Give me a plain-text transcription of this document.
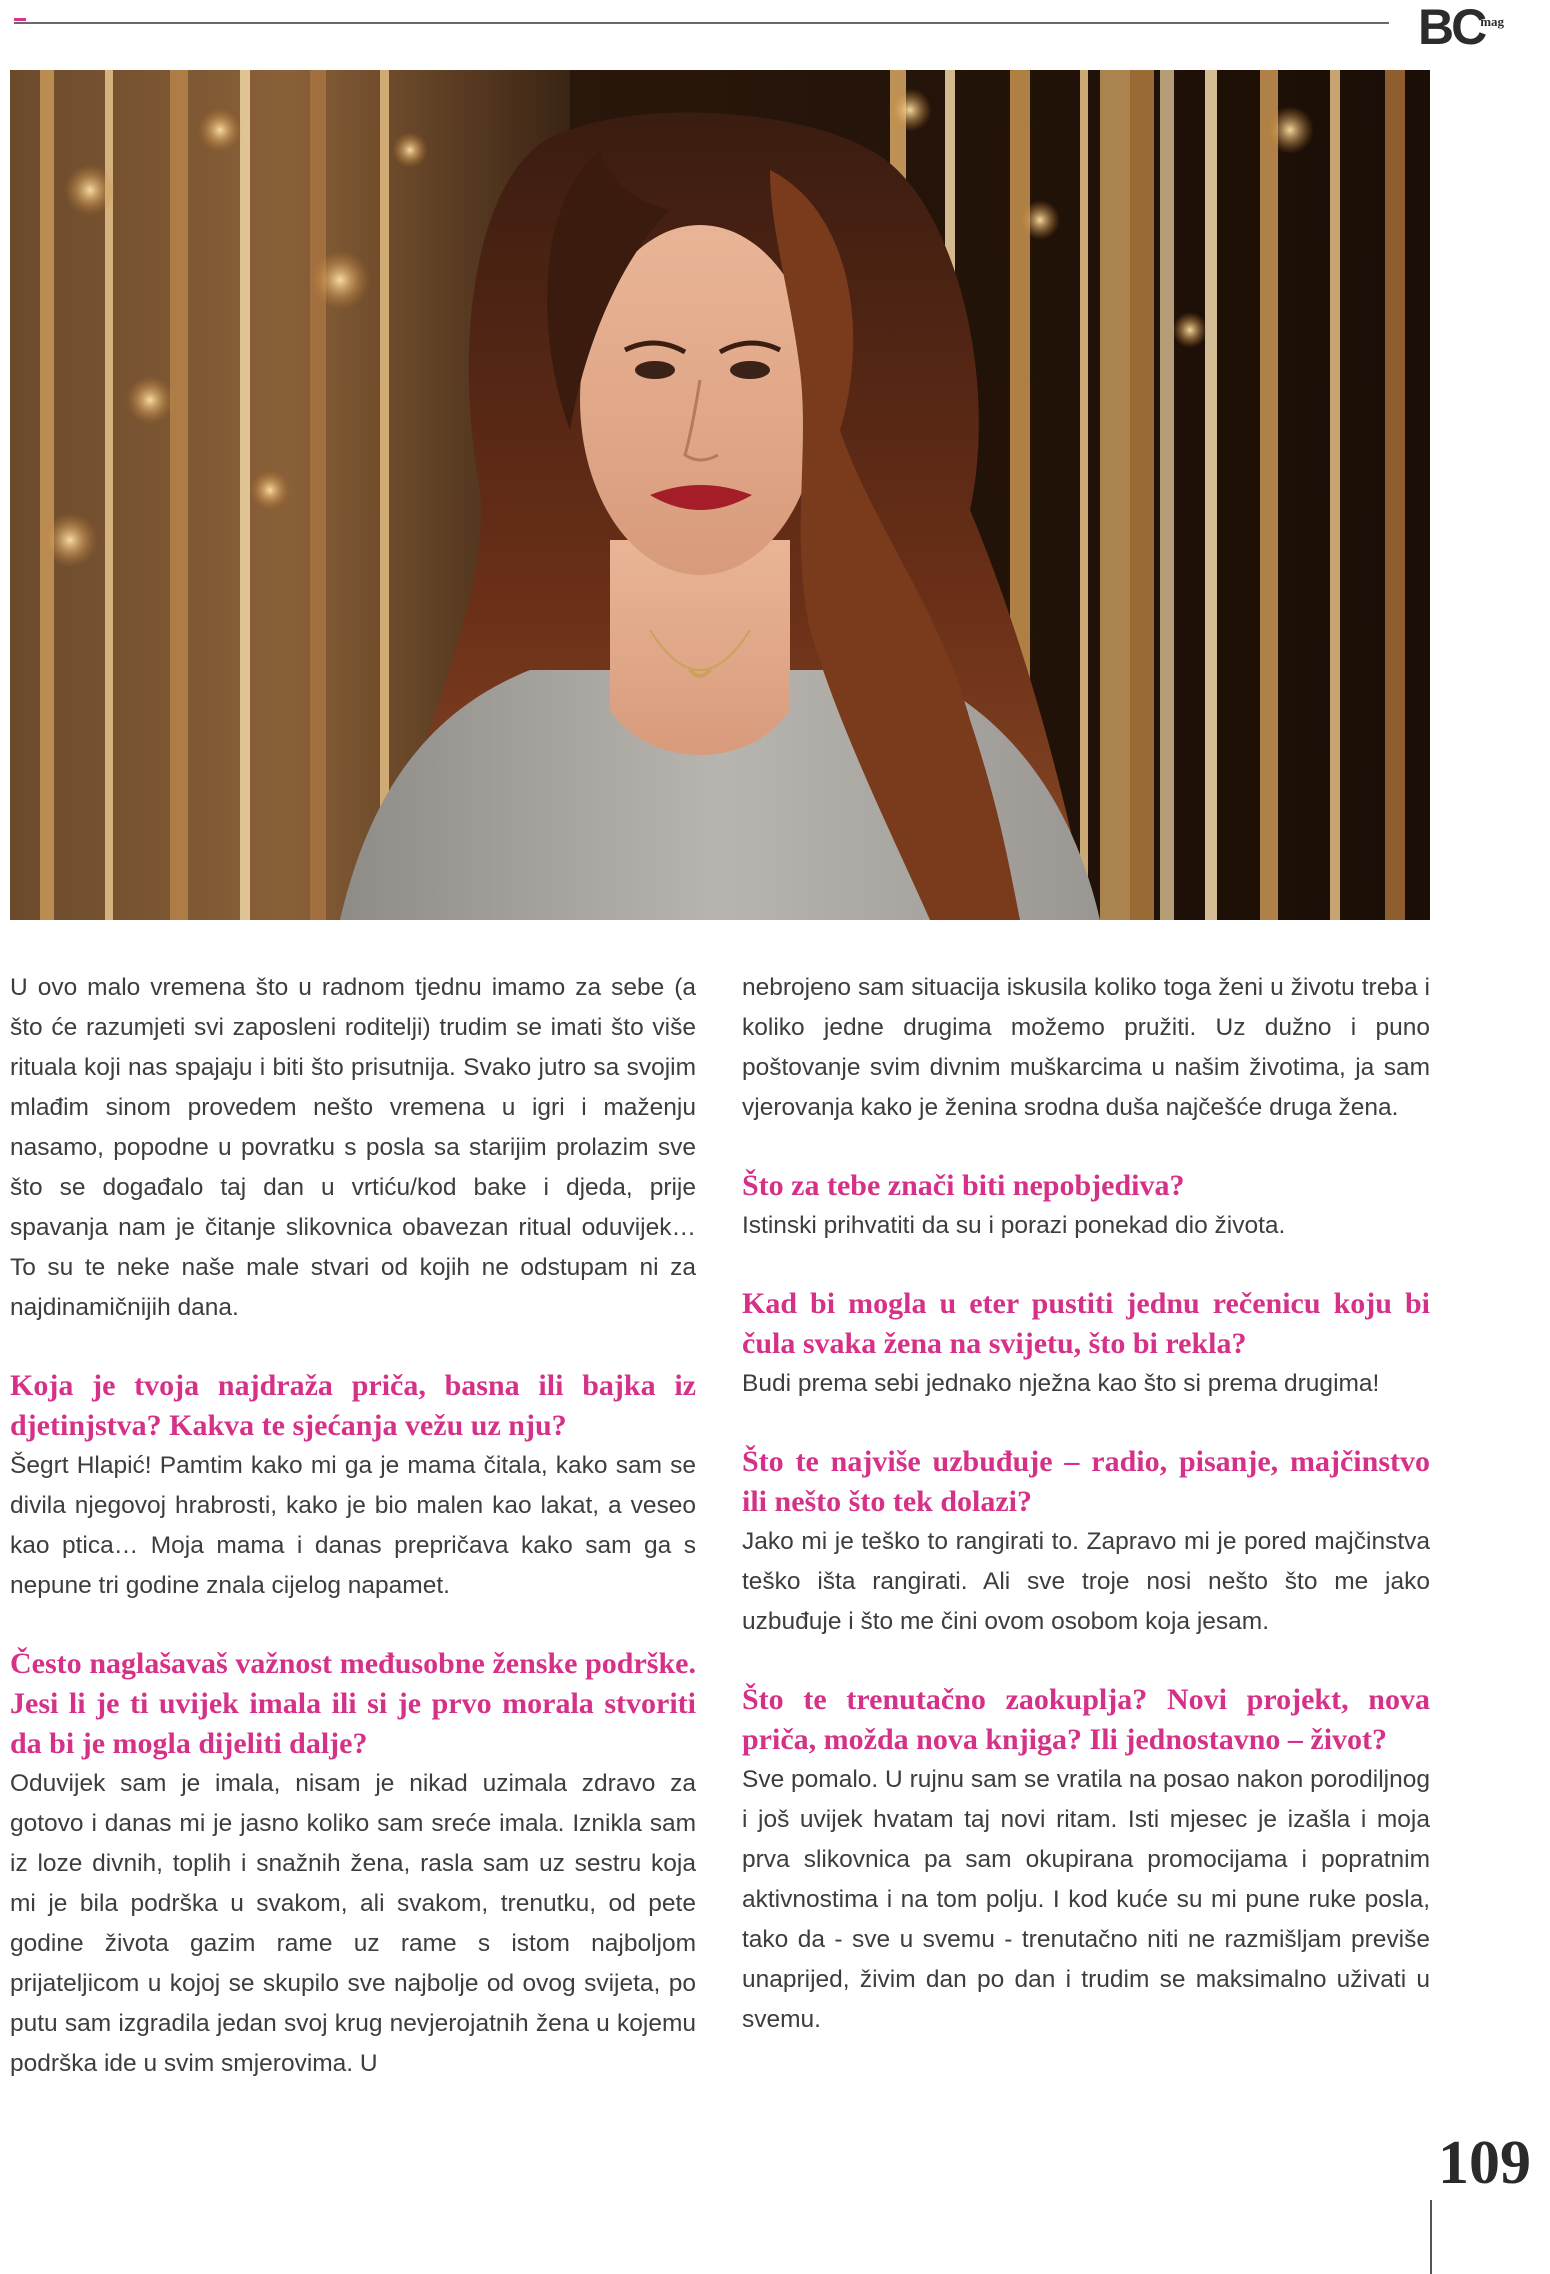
BC
mag

U ovo malo vremena što u radnom tjednu imamo za sebe (a što će razumjeti svi zaposleni roditelji) trudim se imati što više rituala koji nas spajaju i biti što prisutnija. Svako jutro sa svojim mlađim sinom provedem nešto vremena u igri i maženju nasamo, popodne u povratku s posla sa starijim prolazim sve što se događalo taj dan u vrtiću/kod bake i djeda, prije spavanja nam je čitanje slikovnica obavezan ritual oduvijek… To su te neke naše male stvari od kojih ne odstupam ni za najdinamičnijih dana.

Koja je tvoja najdraža priča, basna ili bajka iz djetinjstva? Kakva te sjećanja vežu uz nju?

Šegrt Hlapić! Pamtim kako mi ga je mama čitala, kako sam se divila njegovoj hrabrosti, kako je bio malen kao lakat, a veseo kao ptica… Moja mama i danas prepričava kako sam ga s nepune tri godine znala cijelog napamet.

Često naglašavaš važnost međusobne ženske podrške. Jesi li je ti uvijek imala ili si je prvo morala stvoriti da bi je mogla dijeliti dalje?

Oduvijek sam je imala, nisam je nikad uzimala zdravo za gotovo i danas mi je jasno koliko sam sreće imala. Iznikla sam iz loze divnih, toplih i snažnih žena, rasla sam uz sestru koja mi je bila podrška u svakom, ali svakom, trenutku, od pete godine života gazim rame uz rame s istom najboljom prijateljicom u kojoj se skupilo sve najbolje od ovog svijeta, po putu sam izgradila jedan svoj krug nevjerojatnih žena u kojemu podrška ide u svim smjerovima. U

nebrojeno sam situacija iskusila koliko toga ženi u životu treba i koliko jedne drugima možemo pružiti. Uz dužno i puno poštovanje svim divnim muškarcima u našim životima, ja sam vjerovanja kako je ženina srodna duša najčešće druga žena.

Što za tebe znači biti nepobjediva?

Istinski prihvatiti da su i porazi ponekad dio života.

Kad bi mogla u eter pustiti jednu rečenicu koju bi čula svaka žena na svijetu, što bi rekla?

Budi prema sebi jednako nježna kao što si prema drugima!

Što te najviše uzbuđuje – radio, pisanje, majčinstvo ili nešto što tek dolazi?

Jako mi je teško to rangirati to. Zapravo mi je pored majčinstva teško išta rangirati. Ali sve troje nosi nešto što me jako uzbuđuje i što me čini ovom osobom koja jesam.

Što te trenutačno zaokuplja? Novi projekt, nova priča, možda nova knjiga? Ili jednostavno – život?

Sve pomalo. U rujnu sam se vratila na posao nakon porodiljnog i još uvijek hvatam taj novi ritam. Isti mjesec je izašla i moja prva slikovnica pa sam okupirana promocijama i popratnim aktivnostima i na tom polju. I kod kuće su mi pune ruke posla, tako da - sve u svemu - trenutačno niti ne razmišljam previše unaprijed, živim dan po dan i trudim se maksimalno uživati u svemu.

109
